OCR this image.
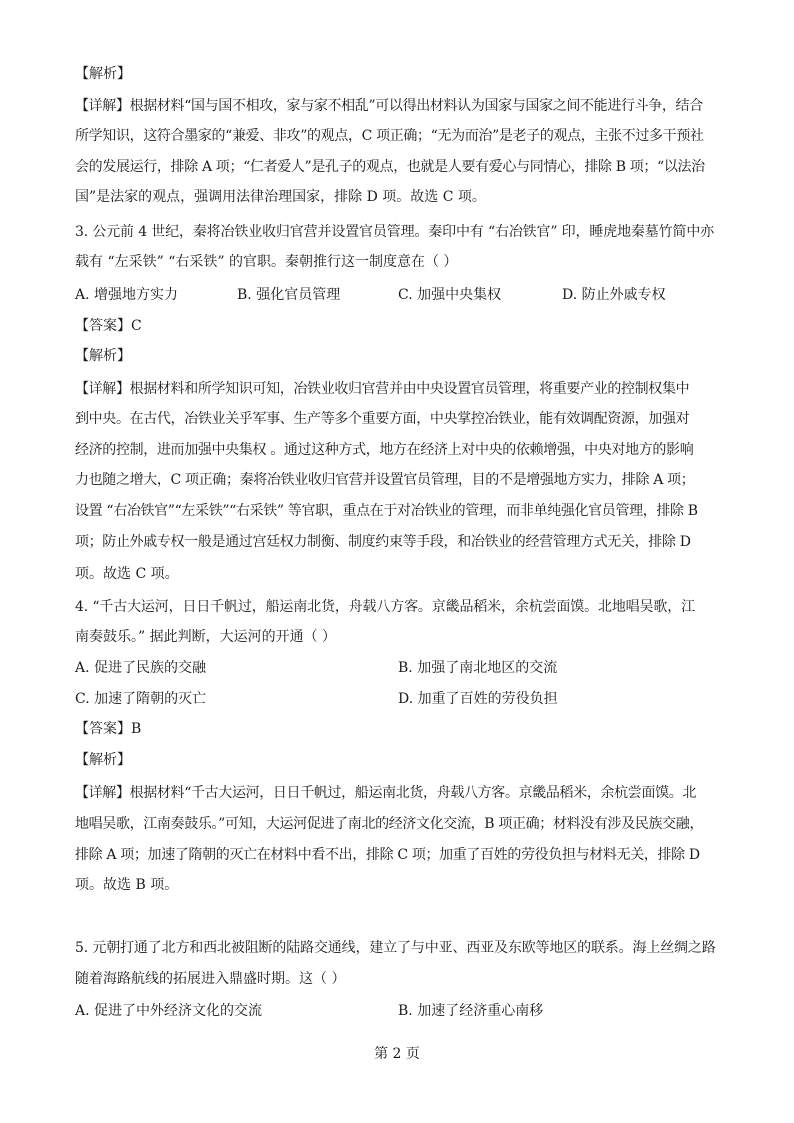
【解析】
【详解】根据材料“国与国不相攻，家与家不相乱”可以得出材料认为国家与国家之间不能进行斗争，结合
所学知识，这符合墨家的“兼爱、非攻”的观点，C 项正确；“无为而治”是老子的观点，主张不过多干预社
会的发展运行，排除 A 项；“仁者爱人”是孔子的观点，也就是人要有爱心与同情心，排除 B 项；“以法治
国”是法家的观点，强调用法律治理国家，排除 D 项。故选 C 项。
3. 公元前 4 世纪，秦将冶铁业收归官营并设置官员管理。秦印中有 “右冶铁官” 印，睡虎地秦墓竹简中亦
载有 “左采铁” “右采铁” 的官职。秦朝推行这一制度意在（ ）
A. 增强地方实力	B. 强化官员管理	C. 加强中央集权	D. 防止外戚专权
【答案】C
【解析】
【详解】根据材料和所学知识可知，冶铁业收归官营并由中央设置官员管理，将重要产业的控制权集中
到中央。在古代，冶铁业关乎军事、生产等多个重要方面，中央掌控冶铁业，能有效调配资源，加强对
经济的控制，进而加强中央集权 。通过这种方式，地方在经济上对中央的依赖增强，中央对地方的影响
力也随之增大，C 项正确；秦将冶铁业收归官营并设置官员管理，目的不是增强地方实力，排除 A 项；
设置 “右冶铁官”“左采铁”“右采铁” 等官职，重点在于对冶铁业的管理，而非单纯强化官员管理，排除 B
项；防止外戚专权一般是通过宫廷权力制衡、制度约束等手段，和冶铁业的经营管理方式无关，排除 D
项。故选 C 项。
4. “千古大运河，日日千帆过，船运南北货，舟载八方客。京畿品稻米，余杭尝面馍。北地唱吴歌，江
南奏鼓乐。” 据此判断，大运河的开通（ ）
A. 促进了民族的交融	B. 加强了南北地区的交流
C. 加速了隋朝的灭亡	D. 加重了百姓的劳役负担
【答案】B
【解析】
【详解】根据材料“千古大运河，日日千帆过，船运南北货，舟载八方客。京畿品稻米，余杭尝面馍。北
地唱吴歌，江南奏鼓乐。”可知，大运河促进了南北的经济文化交流，B 项正确；材料没有涉及民族交融，
排除 A 项；加速了隋朝的灭亡在材料中看不出，排除 C 项；加重了百姓的劳役负担与材料无关，排除 D
项。故选 B 项。
5. 元朝打通了北方和西北被阻断的陆路交通线，建立了与中亚、西亚及东欧等地区的联系。海上丝绸之路
随着海路航线的拓展进入鼎盛时期。这（ ）
A. 促进了中外经济文化的交流	B. 加速了经济重心南移
第 2 页
